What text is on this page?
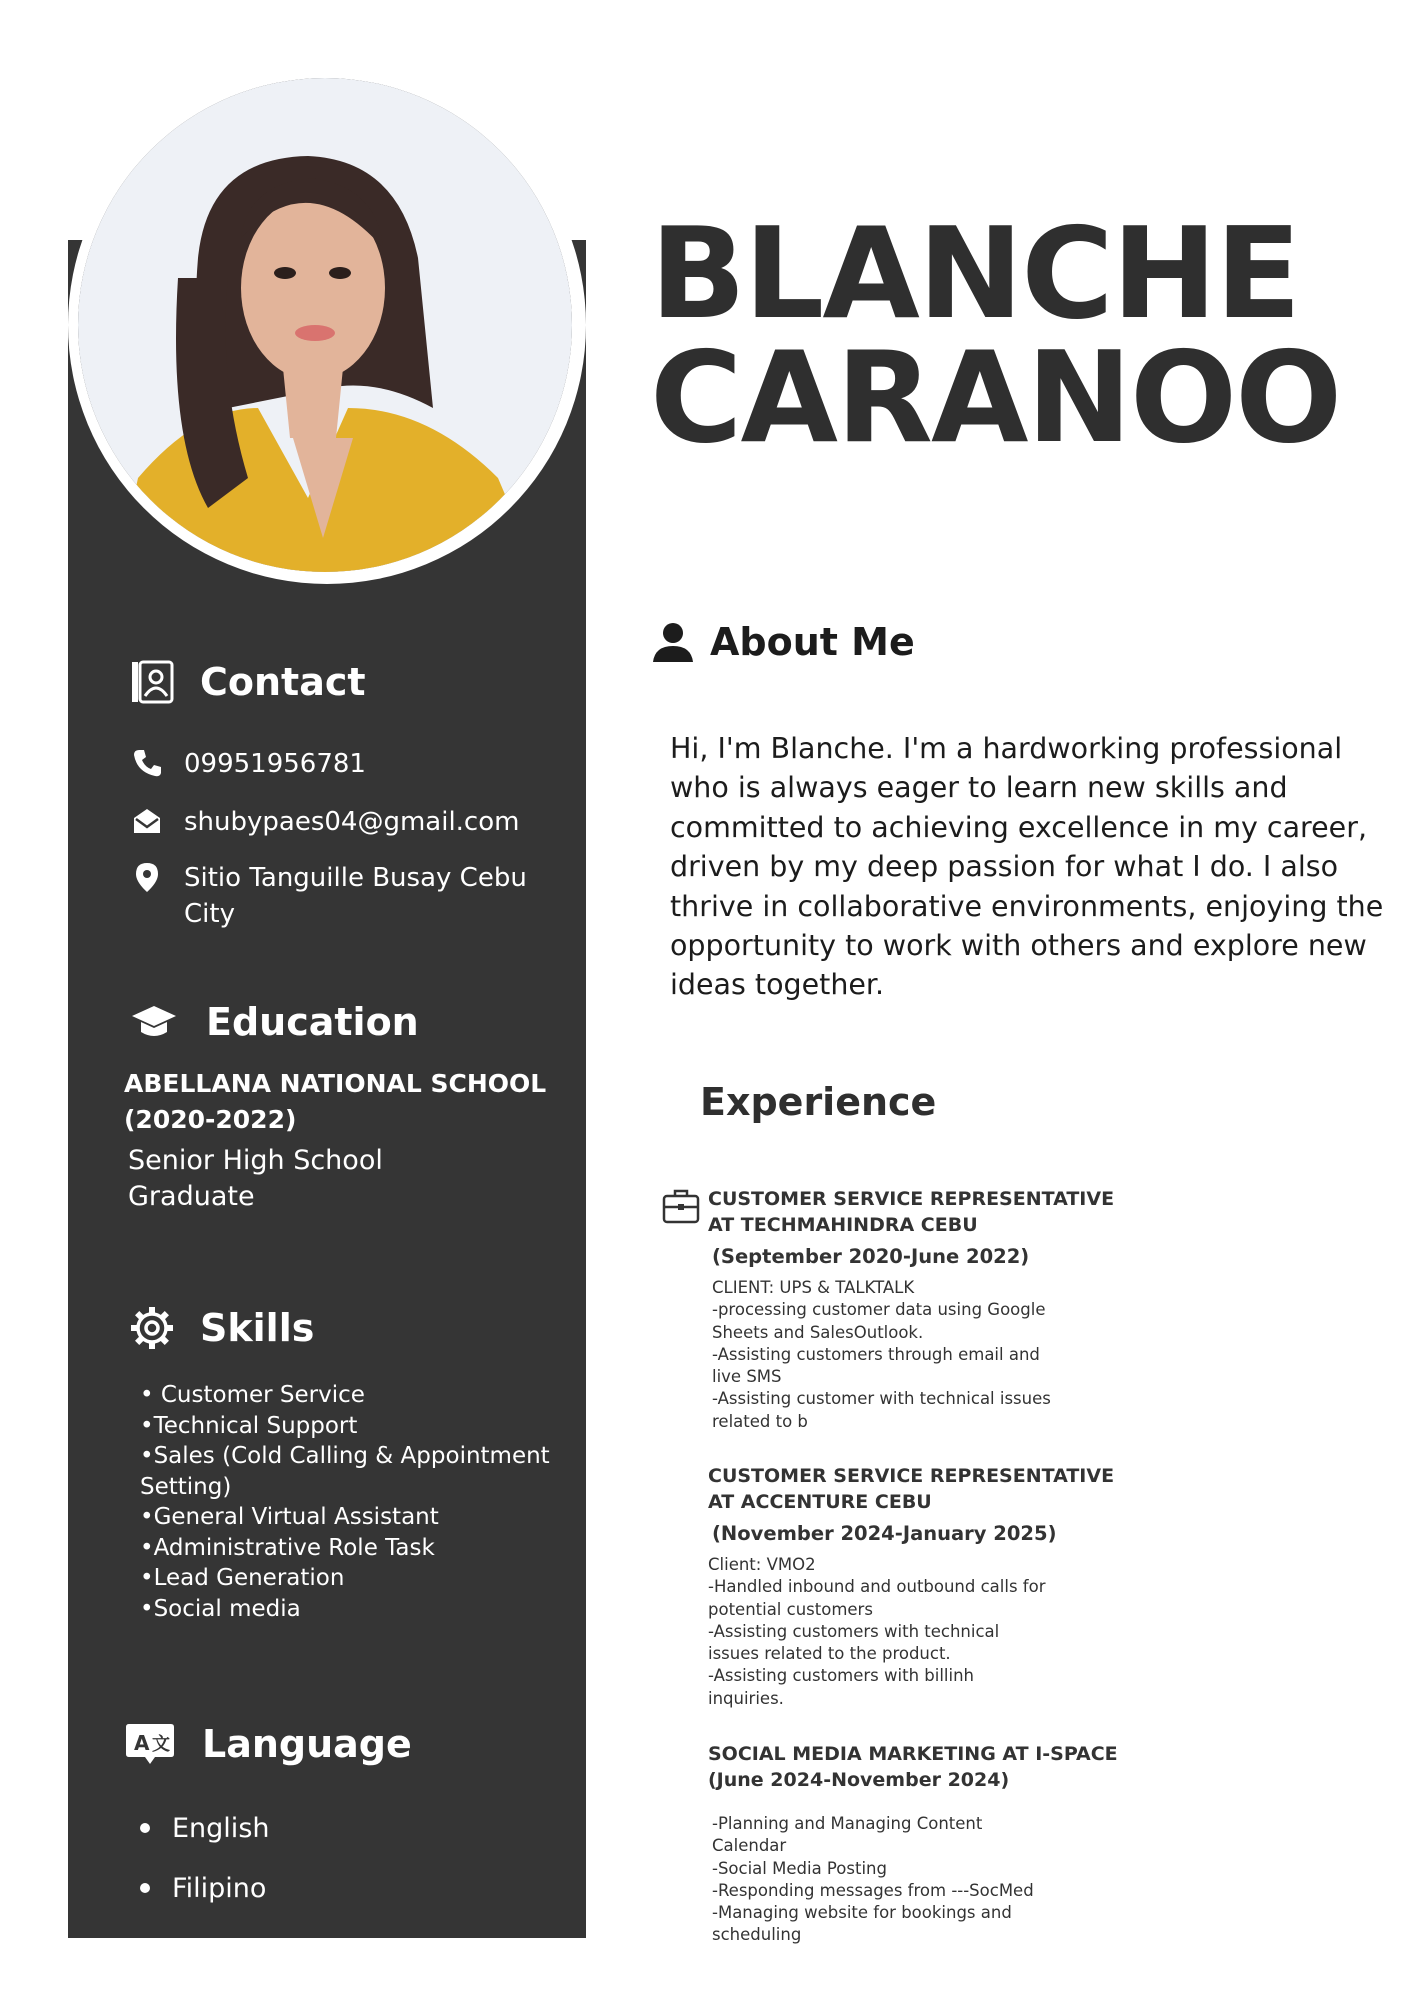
BLANCHE
CARANOO
Contact
09951956781
shubypaes04@gmail.com
Sitio Tanguille Busay Cebu City
Education

ABELLANA NATIONAL SCHOOL (2020-2022)

Senior High School Graduate

Skills
• Customer Service
•Technical Support
•Sales (Cold Calling & Appointment Setting)
•General Virtual Assistant
•Administrative Role Task
•Lead Generation
•Social media
A 文 Language
English
Filipino
About Me

Hi, I'm Blanche. I'm a hardworking professional who is always eager to learn new skills and committed to achieving excellence in my career, driven by my deep passion for what I do. I also thrive in collaborative environments, enjoying the opportunity to work with others and explore new ideas together.

Experience

CUSTOMER SERVICE REPRESENTATIVE AT TECHMAHINDRA CEBU

(September 2020-June 2022)

CLIENT: UPS & TALKTALK
-processing customer data using Google Sheets and SalesOutlook.
-Assisting customers through email and live SMS
-Assisting customer with technical issues related to b

CUSTOMER SERVICE REPRESENTATIVE AT ACCENTURE CEBU

(November 2024-January 2025)

Client: VMO2
-Handled inbound and outbound calls for potential customers
-Assisting customers with technical issues related to the product.
-Assisting customers with billinh inquiries.

SOCIAL MEDIA MARKETING AT I-SPACE (June 2024-November 2024)

-Planning and Managing Content Calendar
-Social Media Posting
-Responding messages from ---SocMed
-Managing website for bookings and scheduling
